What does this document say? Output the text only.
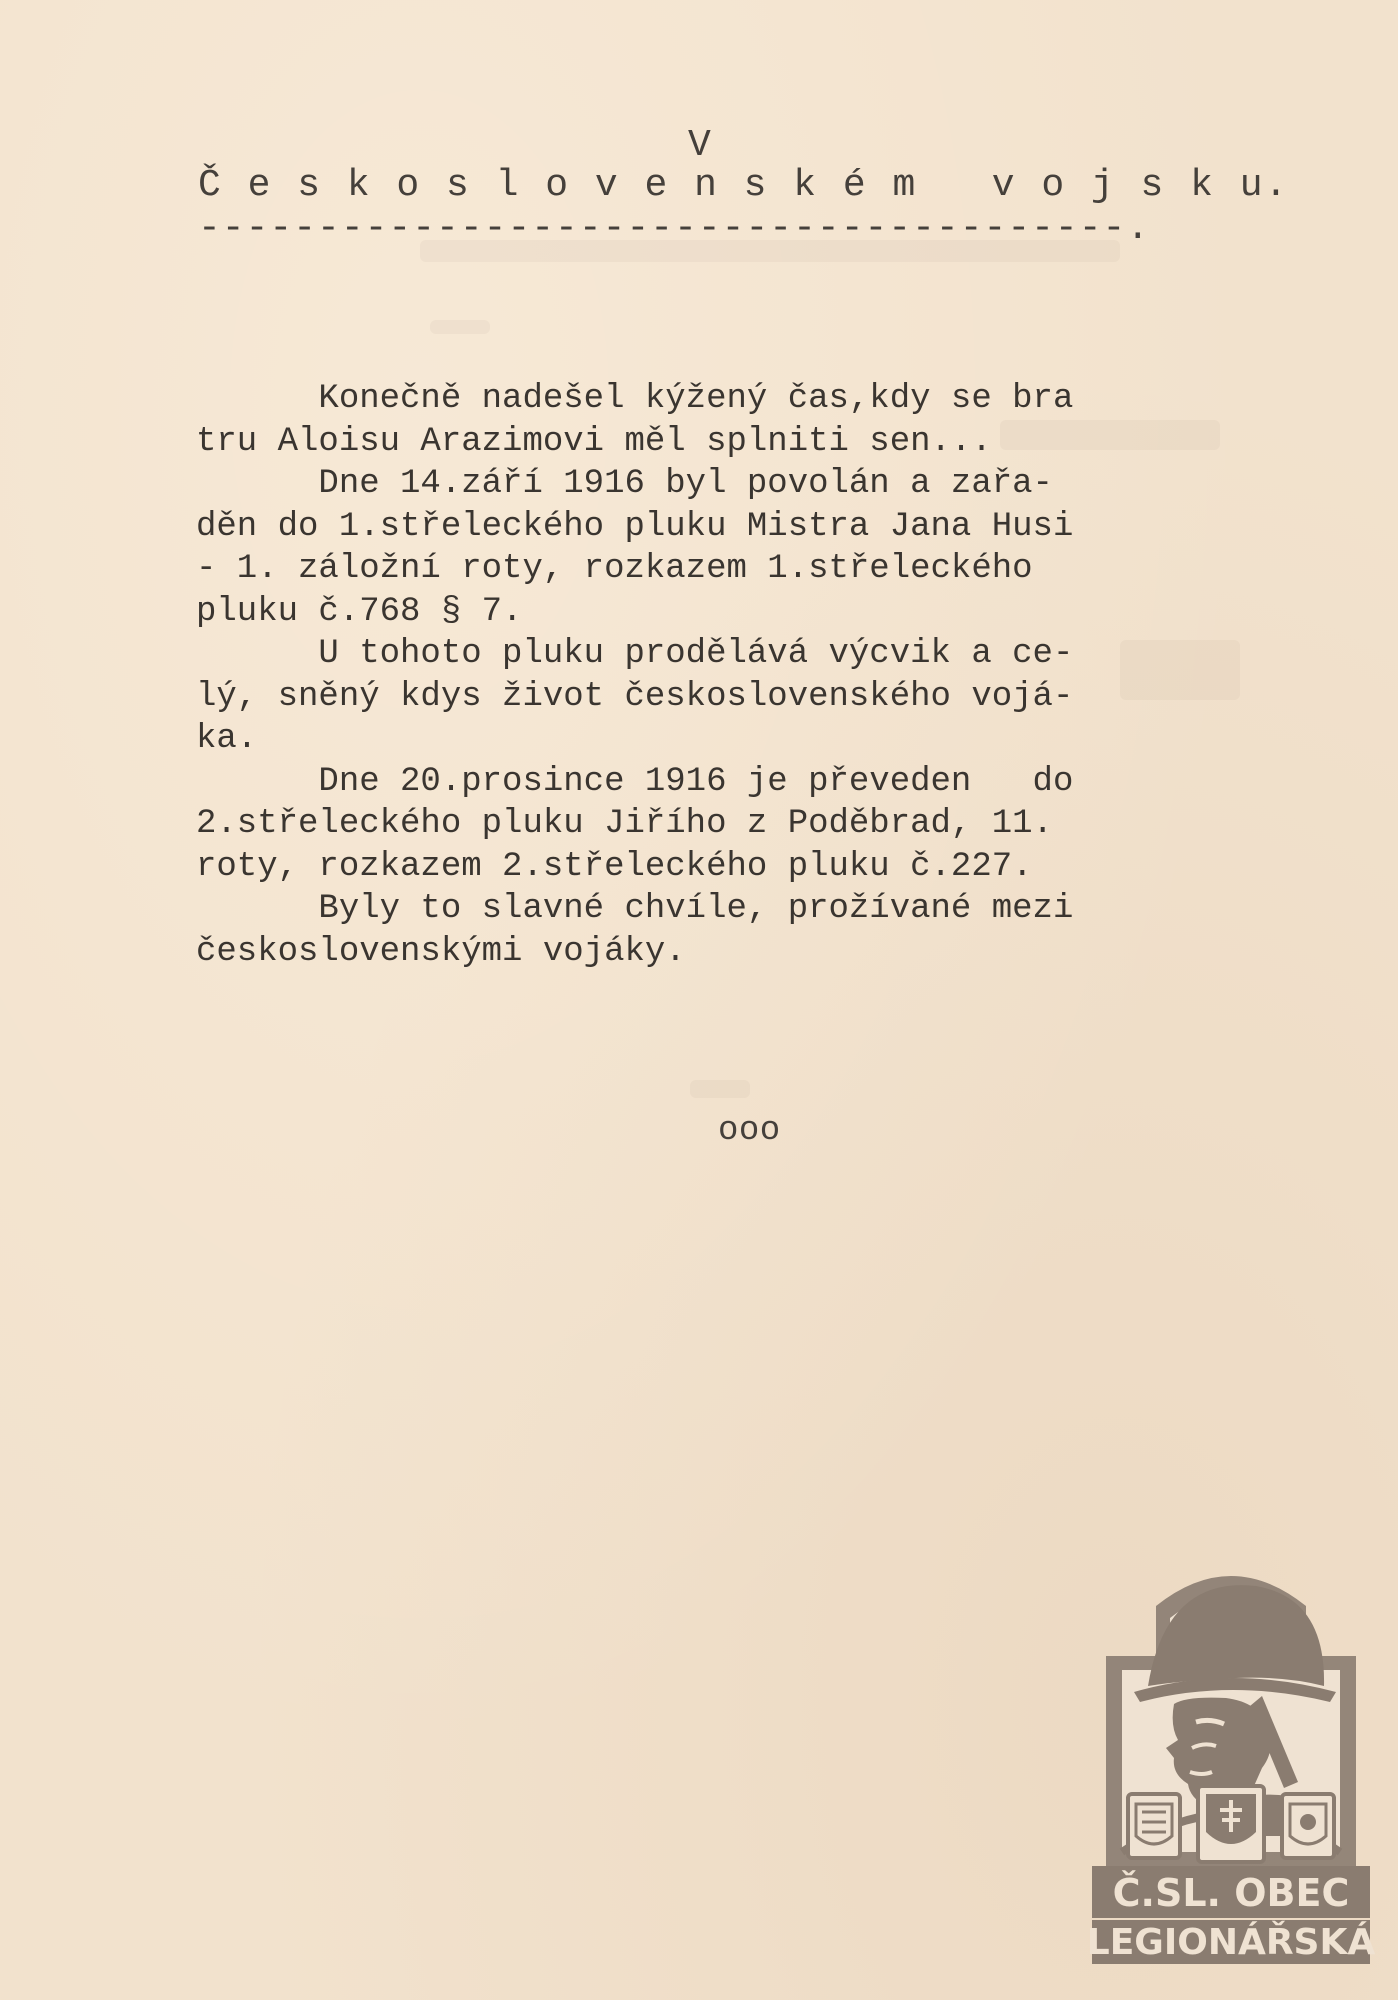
V
Č e s k o s l o v e n s k é m   v o j s k u.
---------------------------------------.
Konečně nadešel kýžený čas,kdy se bra
tru Aloisu Arazimovi měl splniti sen...
Dne 14.září 1916 byl povolán a zařa-
děn do 1.střeleckého pluku Mistra Jana Husi
- 1. záložní roty, rozkazem 1.střeleckého
pluku č.768 § 7.
U tohoto pluku prodělává výcvik a ce-
lý, sněný kdys život československého vojá-
ka.
Dne 20.prosince 1916 je převeden   do
2.střeleckého pluku Jiřího z Poděbrad, 11.
roty, rozkazem 2.střeleckého pluku č.227.
Byly to slavné chvíle, prožívané mezi
československými vojáky.
ooo
Č.SL. OBEC
LEGIONÁŘSKÁ
